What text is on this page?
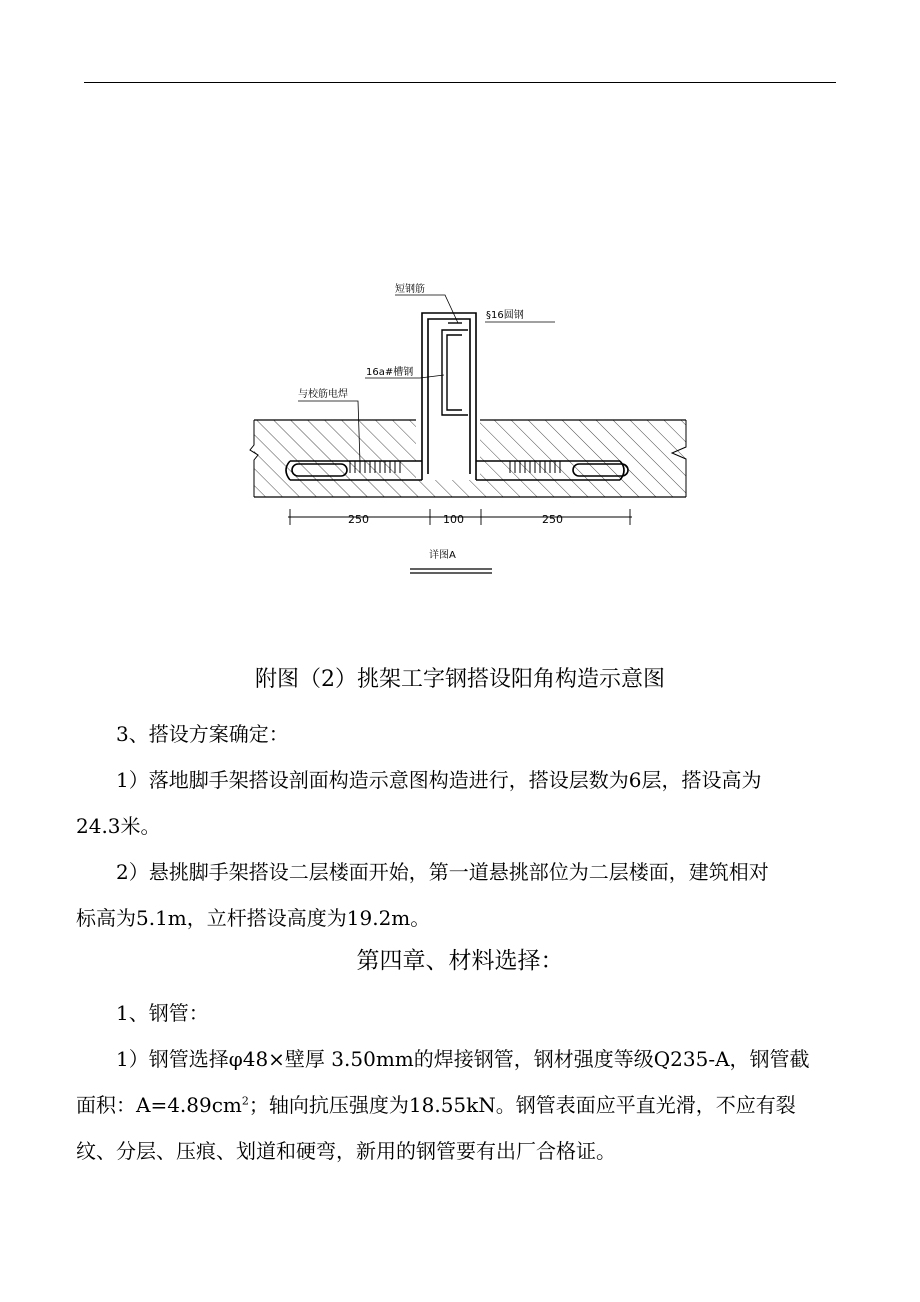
短钢筋
§16圆钢
16a#槽钢
与校筋电焊
250	100	250
详图A
附图（2）挑架工字钢搭设阳角构造示意图
3、搭设方案确定：
1）落地脚手架搭设剖面构造示意图构造进行，搭设层数为6层，搭设高为
24.3米。
2）悬挑脚手架搭设二层楼面开始，第一道悬挑部位为二层楼面，建筑相对
标高为5.1m，立杆搭设高度为19.2m。
第四章、材料选择：
1、钢管：
1）钢管选择φ48×壁厚 3.50mm的焊接钢管，钢材强度等级Q235-A，钢管截
面积：$A=4.89cm^2$；轴向抗压强度为18.55kN。钢管表面应平直光滑，不应有裂
纹、分层、压痕、划道和硬弯，新用的钢管要有出厂合格证。
